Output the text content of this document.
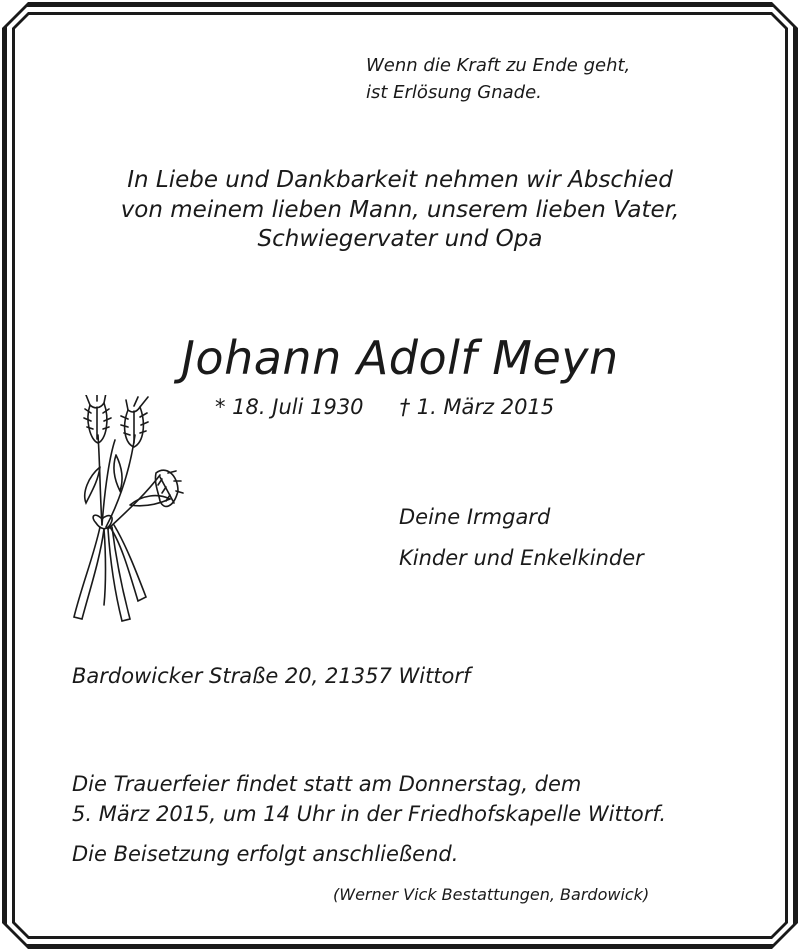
Wenn die Kraft zu Ende geht,
ist Erlösung Gnade.
In Liebe und Dankbarkeit nehmen wir Abschied
von meinem lieben Mann, unserem lieben Vater,
Schwiegervater und Opa
Johann Adolf Meyn
* 18. Juli 1930 † 1. März 2015
Deine Irmgard
Kinder und Enkelkinder
Bardowicker Straße 20, 21357 Wittorf
Die Trauerfeier findet statt am Donnerstag, dem
5. März 2015, um 14 Uhr in der Friedhofskapelle Wittorf.
Die Beisetzung erfolgt anschließend.
(Werner Vick Bestattungen, Bardowick)
